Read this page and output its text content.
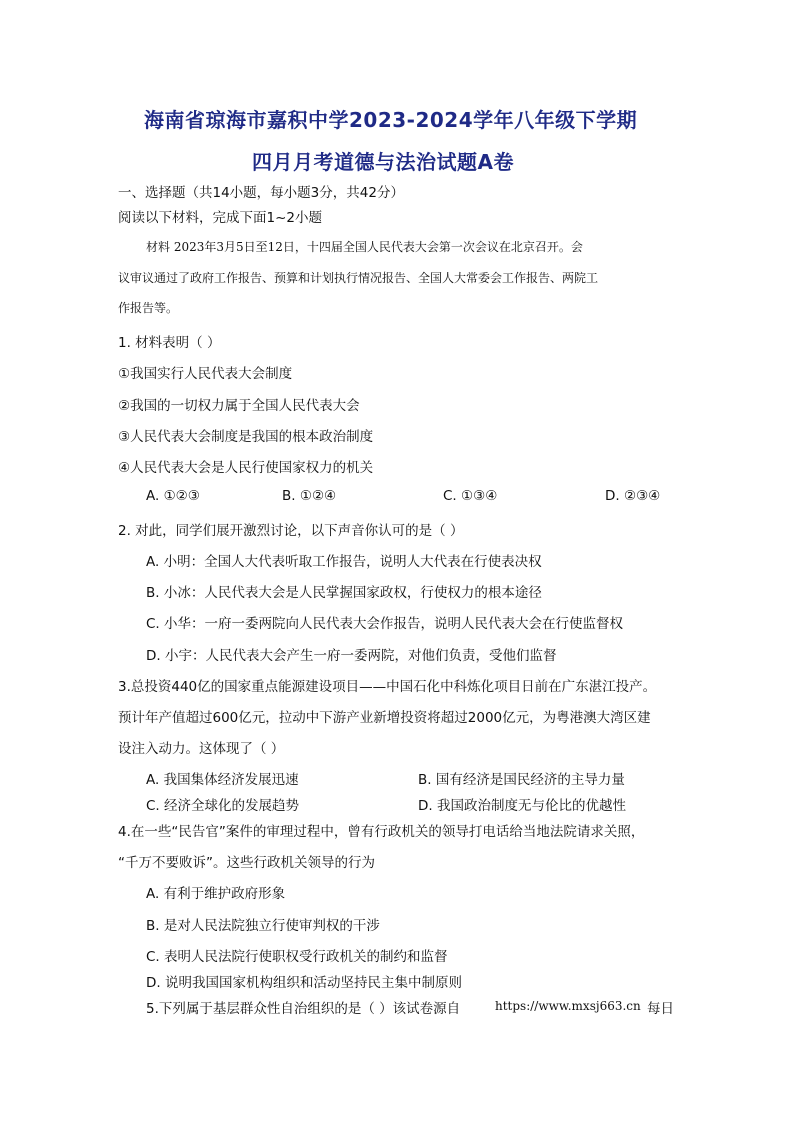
海南省琼海市嘉积中学2023-2024学年八年级下学期
四月月考道德与法治试题A卷
一、选择题（共14小题，每小题3分，共42分）
阅读以下材料，完成下面1~2小题
材料 2023年3月5日至12日，十四届全国人民代表大会第一次会议在北京召开。会
议审议通过了政府工作报告、预算和计划执行情况报告、全国人大常委会工作报告、两院工
作报告等。
1. 材料表明（ ）
①我国实行人民代表大会制度
②我国的一切权力属于全国人民代表大会
③人民代表大会制度是我国的根本政治制度
④人民代表大会是人民行使国家权力的机关
A. ①②③	B. ①②④	C. ①③④	D. ②③④
2. 对此，同学们展开激烈讨论，以下声音你认可的是（ ）
A. 小明：全国人大代表听取工作报告，说明人大代表在行使表决权
B. 小冰：人民代表大会是人民掌握国家政权，行使权力的根本途径
C. 小华：一府一委两院向人民代表大会作报告，说明人民代表大会在行使监督权
D. 小宇：人民代表大会产生一府一委两院，对他们负责，受他们监督
3.总投资440亿的国家重点能源建设项目——中国石化中科炼化项目日前在广东湛江投产。
预计年产值超过600亿元，拉动中下游产业新增投资将超过2000亿元，为粤港澳大湾区建
设注入动力。这体现了（ ）
A. 我国集体经济发展迅速	B. 国有经济是国民经济的主导力量
C. 经济全球化的发展趋势	D. 我国政治制度无与伦比的优越性
4.在一些“民告官”案件的审理过程中，曾有行政机关的领导打电话给当地法院请求关照，
“千万不要败诉”。这些行政机关领导的行为
A. 有利于维护政府形象
B. 是对人民法院独立行使审判权的干涉
C. 表明人民法院行使职权受行政机关的制约和监督
D. 说明我国国家机构组织和活动坚持民主集中制原则
5.下列属于基层群众性自治组织的是（ ）该试卷源自	https://www.mxsj663.cn 每日
